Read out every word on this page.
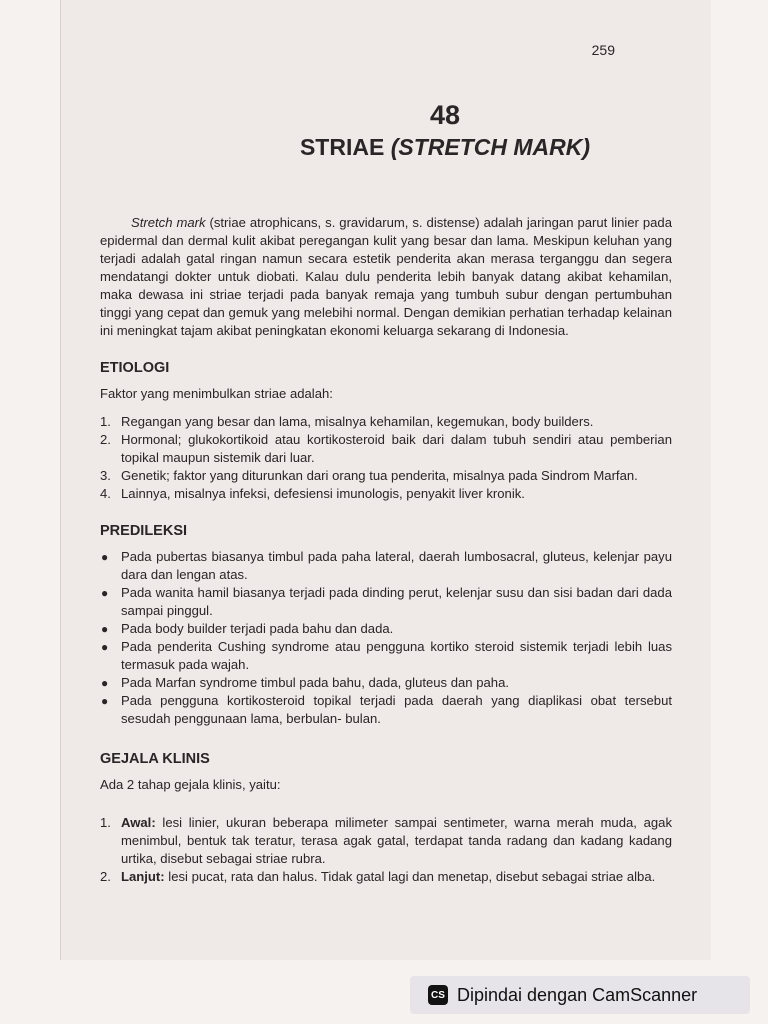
259
48
STRIAE (STRETCH MARK)
Stretch mark (striae atrophicans, s. gravidarum, s. distense) adalah jaringan parut linier pada epidermal dan dermal kulit akibat peregangan kulit yang besar dan lama. Meskipun keluhan yang terjadi adalah gatal ringan namun secara estetik penderita akan merasa terganggu dan segera mendatangi dokter untuk diobati. Kalau dulu penderita lebih banyak datang akibat kehamilan, maka dewasa ini striae terjadi pada banyak remaja yang tumbuh subur dengan pertumbuhan tinggi yang cepat dan gemuk yang melebihi normal. Dengan demikian perhatian terhadap kelainan ini meningkat tajam akibat peningkatan ekonomi keluarga sekarang di Indonesia.
ETIOLOGI
Faktor yang menimbulkan striae adalah:
1. Regangan yang besar dan lama, misalnya kehamilan, kegemukan, body builders.
2. Hormonal; glukokortikoid atau kortikosteroid baik dari dalam tubuh sendiri atau pemberian topikal maupun sistemik dari luar.
3. Genetik; faktor yang diturunkan dari orang tua penderita, misalnya pada Sindrom Marfan.
4. Lainnya, misalnya infeksi, defesiensi imunologis, penyakit liver kronik.
PREDILEKSI
● Pada pubertas biasanya timbul pada paha lateral, daerah lumbosacral, gluteus, kelenjar payu dara dan lengan atas.
● Pada wanita hamil biasanya terjadi pada dinding perut, kelenjar susu dan sisi badan dari dada sampai pinggul.
● Pada body builder terjadi pada bahu dan dada.
● Pada penderita Cushing syndrome atau pengguna kortiko steroid sistemik terjadi lebih luas termasuk pada wajah.
● Pada Marfan syndrome timbul pada bahu, dada, gluteus dan paha.
● Pada pengguna kortikosteroid topikal terjadi pada daerah yang diaplikasi obat tersebut sesudah penggunaan lama, berbulan- bulan.
GEJALA KLINIS
Ada 2 tahap gejala klinis, yaitu:
1. Awal: lesi linier, ukuran beberapa milimeter sampai sentimeter, warna merah muda, agak menimbul, bentuk tak teratur, terasa agak gatal, terdapat tanda radang dan kadang kadang urtika, disebut sebagai striae rubra.
2. Lanjut: lesi pucat, rata dan halus. Tidak gatal lagi dan menetap, disebut sebagai striae alba.
CS Dipindai dengan CamScanner
